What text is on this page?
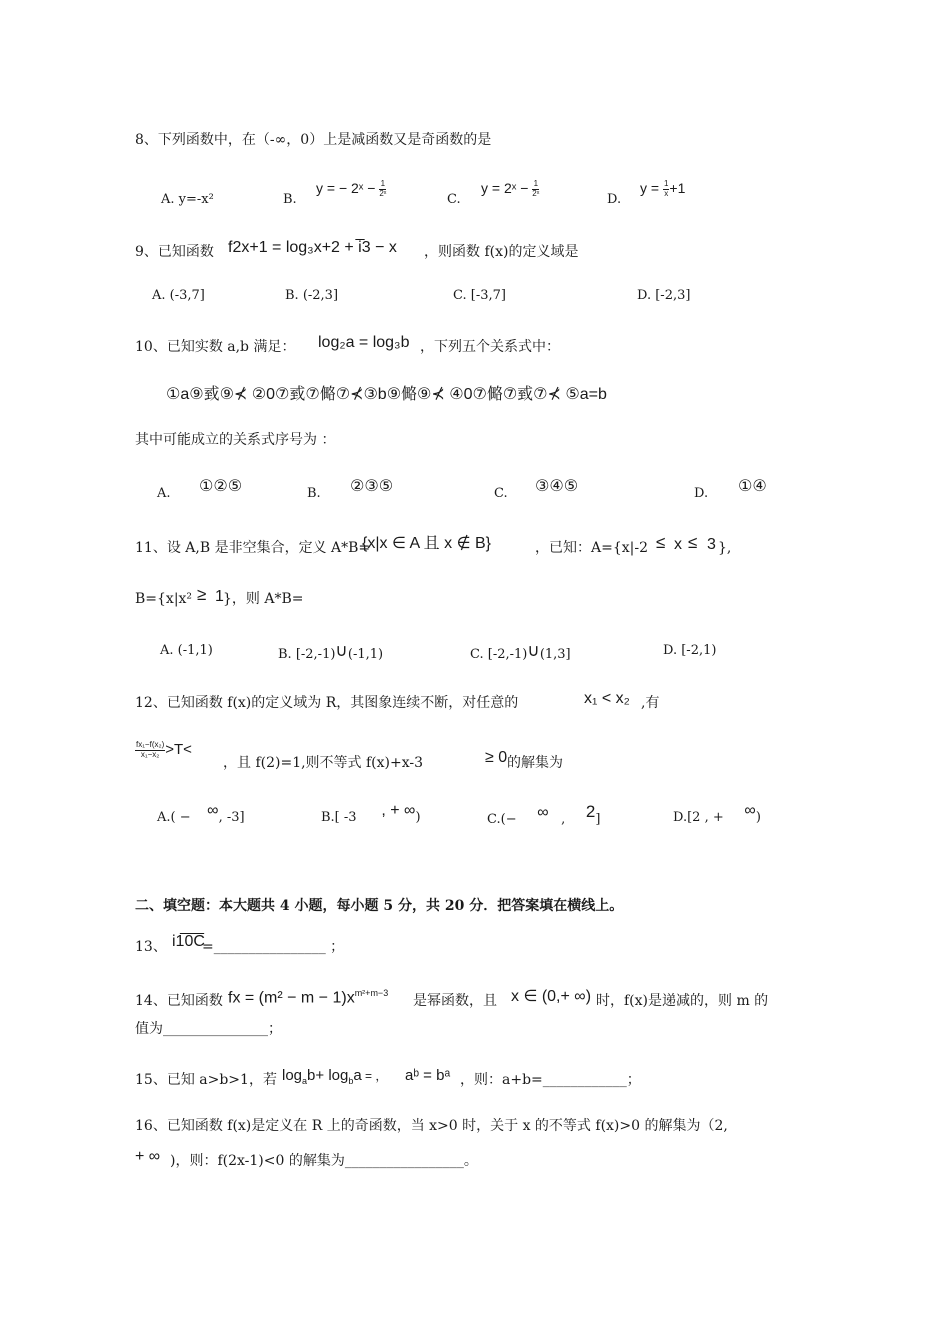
8、下列函数中，在（-∞，0）上是减函数又是奇函数的是
A. y=-x²	B.
y = − 2ˣ − $\frac{1}{\text{2ˣ}}$
C.
y = 2ˣ − $\frac{1}{\text{2ˣ}}$
D.
$y = \frac{1}{x} +1$
9、已知函数 f2x+1 = log₃x+2 + i̅3 − x ，则函数 f(x)的定义域是
A. (-3,7]	B. (-2,3]	C. [-3,7]	D. [-2,3]
10、已知实数 a,b 满足： log₂a = log₃b ，下列五个关系式中：
①a⑨㦶⑨⊀ ②0⑦㦶⑦㑼⑦⊀③b⑨㑼⑨⊀ ④0⑦㑼⑦㦶⑦⊀ ⑤a=b
其中可能成立的关系式序号为 ：
A. ①②⑤	B. ②③⑤	C. ③④⑤	D. ①④
11、设 A,B 是非空集合，定义 A*B=
{x|x ∈ A 且 x ∉ B}	，已知：A={x|-2 ≤ x ≤ 3 },
B={x|x² ≥ 1 }，则 A*B=
A. (-1,1)	B. [-2,-1)∪(-1,1)	C. [-2,-1)∪(1,3]	D. [-2,1)
12、已知函数 f(x)的定义域为 R，其图象连续不断，对任意的	x₁ < x₂ ,有
$\frac{\text{fx₁−f(x₂)}}{\text{x₁−x₂}} >T<$
，且 f(2)=1,则不等式 f(x)+x-3	≥ 0 的解集为
A.( − ∞, -3]	B.[ -3 , + ∞)	C.(− ∞ , 2]	D.[2 , + ∞)
二、填空题：本大题共 4 小题，每小题 5 分，共 20 分．把答案填在横线上。
13、 i1̅0̅C̅
=________________ ；
14、已知函数 fx = $(m^2 - m - 1)x^{m^2+m-3}$ 是幂函数，且 x ∈ (0,+ ∞) 时，f(x)是递减的，则 m 的
值为_______________；
15、已知 a>b>1，若 $\log_ab+ \log_ba$ = ， aᵇ = bᵃ ，则：a+b=____________；
16、已知函数 f(x)是定义在 R 上的奇函数，当 x>0 时，关于 x 的不等式 f(x)>0 的解集为（2,
+ ∞ )，则：f(2x-1)<0 的解集为_________________。
